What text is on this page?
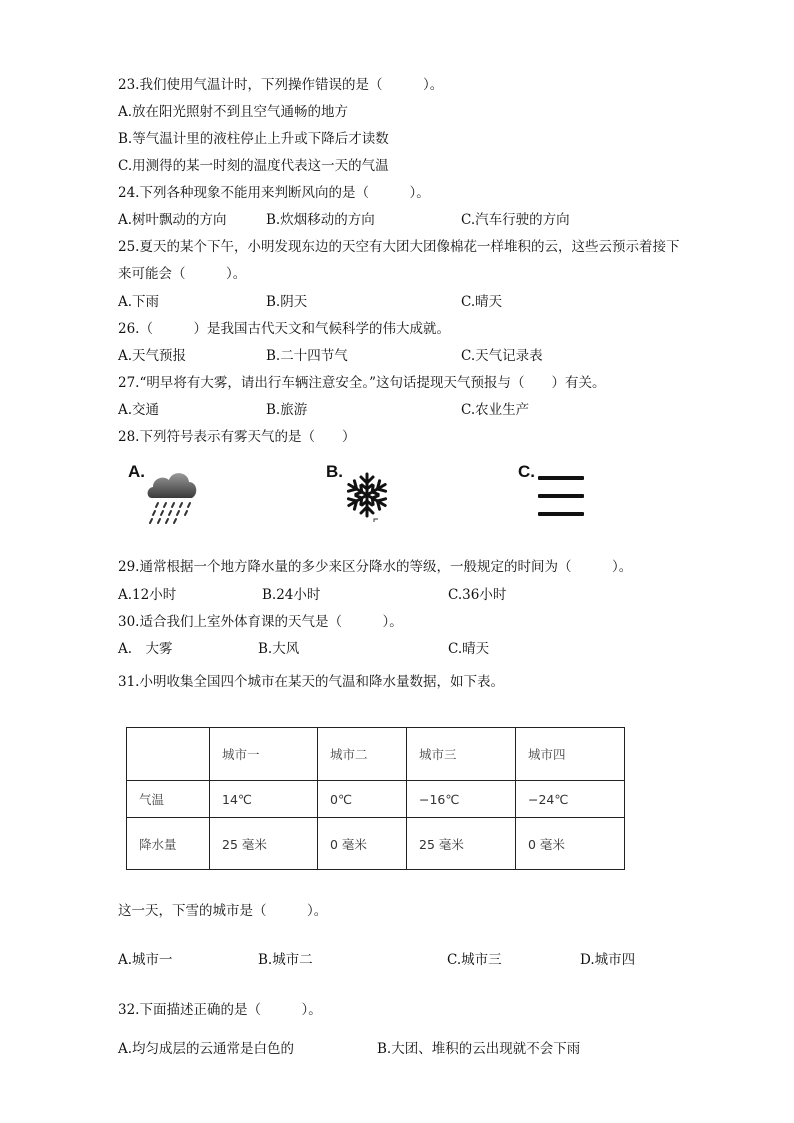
23.我们使用气温计时，下列操作错误的是（　　　）。
A.放在阳光照射不到且空气通畅的地方
B.等气温计里的液柱停止上升或下降后才读数
C.用测得的某一时刻的温度代表这一天的气温
24.下列各种现象不能用来判断风向的是（　　　）。
A.树叶飘动的方向	B.炊烟移动的方向	C.汽车行驶的方向
25.夏天的某个下午，小明发现东边的天空有大团大团像棉花一样堆积的云，这些云预示着接下
来可能会（　　　）。
A.下雨	B.阴天	C.晴天
26.（　　　）是我国古代天文和气候科学的伟大成就。
A.天气预报	B.二十四节气	C.天气记录表
27.“明早将有大雾，请出行车辆注意安全。”这句话提现天气预报与（　　）有关。
A.交通	B.旅游	C.农业生产
28.下列符号表示有雾天气的是（　　）
A.	B.	C.
29.通常根据一个地方降水量的多少来区分降水的等级，一般规定的时间为（　　　）。
A.12小时	B.24小时	C.36小时
30.适合我们上室外体育课的天气是（　　　）。
A.　大雾	B.大风	C.晴天
31.小明收集全国四个城市在某天的气温和降水量数据，如下表。
	城市一	城市二	城市三	城市四
气温	14℃	0℃	−16℃	−24℃
降水量	25 毫米	0 毫米	25 毫米	0 毫米
这一天，下雪的城市是（　　　）。
A.城市一	B.城市二	C.城市三	D.城市四
32.下面描述正确的是（　　　）。
A.均匀成层的云通常是白色的	B.大团、堆积的云出现就不会下雨
